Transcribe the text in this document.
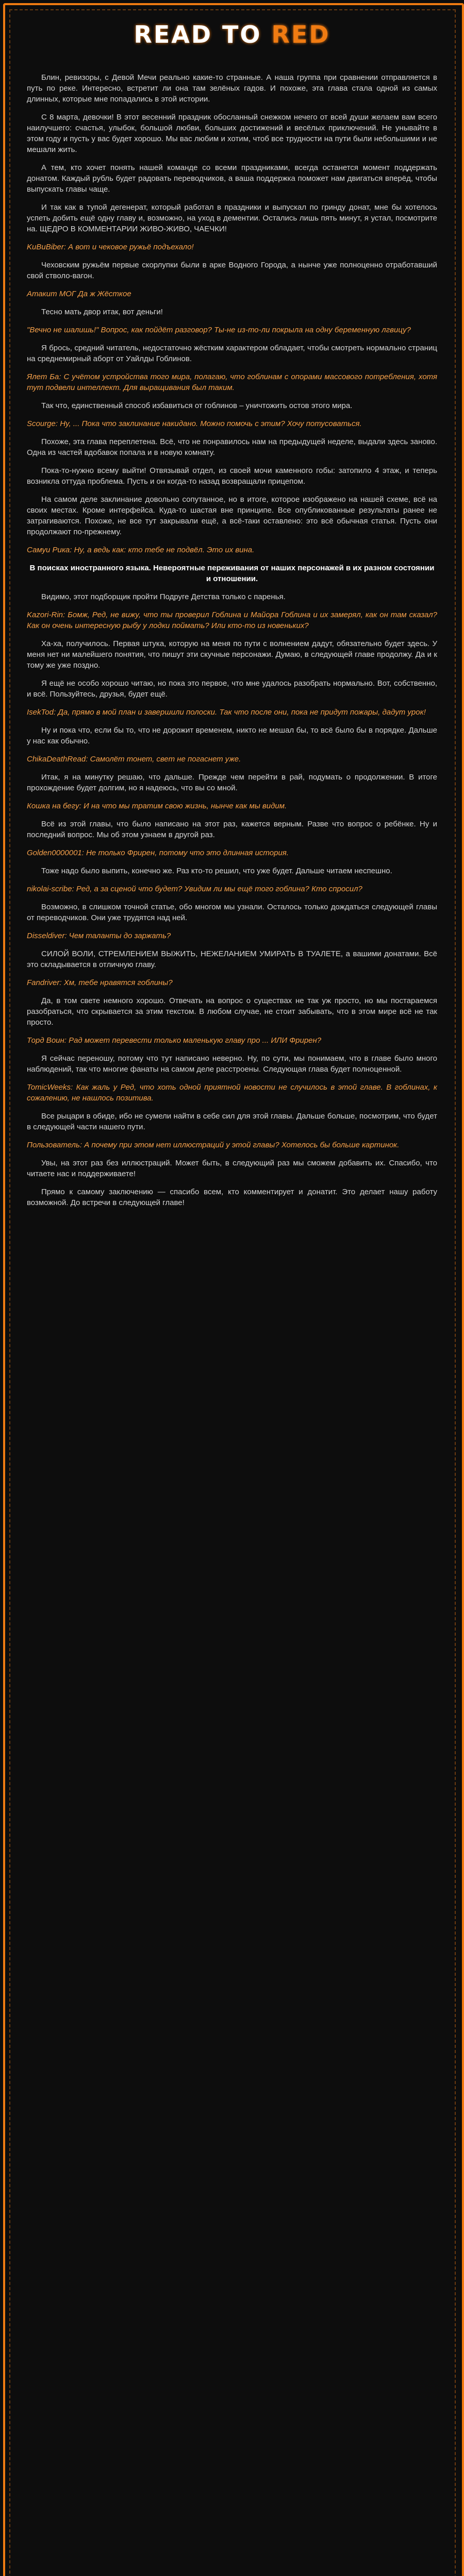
READ TO RED

Блин, ревизоры, с Девой Мечи реально какие-то странные. А наша группа при сравнении отправляется в путь по реке. Интересно, встретит ли она там зелёных гадов. И похоже, эта глава стала одной из самых длинных, которые мне попадались в этой истории.

С 8 марта, девочки! В этот весенний праздник обосланный снежком нечего от всей души желаем вам всего наилучшего: счастья, улыбок, большой любви, больших достижений и весёлых приключений. Не унывайте в этом году и пусть у вас будет хорошо. Мы вас любим и хотим, чтоб все трудности на пути были небольшими и не мешали жить.

А тем, кто хочет понять нашей команде со всеми праздниками, всегда останется момент поддержать донатом. Каждый рубль будет радовать переводчиков, а ваша поддержка поможет нам двигаться вперёд, чтобы выпускать главы чаще.

И так как в тупой дегенерат, который работал в праздники и выпускал по гринду донат, мне бы хотелось успеть добить ещё одну главу и, возможно, на уход в дементии. Остались лишь пять минут, я устал, посмотрите на. ЩЕДРО В КОММЕНТАРИИ ЖИВО-ЖИВО, ЧАЕЧКИ!

KuBuBiber: А вот и чековое ружьё подъехало!

Чеховским ружьём первые скорлупки были в арке Водного Города, а нынче уже полноценно отработавший свой стволо-вагон.

Атакит МОГ Да ж Жёсткое

Тесно мать двор итак, вот деньги!

"Вечно не шалишь!" Вопрос, как пойдёт разговор? Ты-не из-то-ли покрыла на одну беременную лгвицу?

Я брось, средний читатель, недостаточно жёстким характером обладает, чтобы смотреть нормально страниц на среднемирный аборт от Уайлды Гоблинов.

Ялет Ба: С учётом устройства того мира, полагаю, что гоблинам с опорами массового потребления, хотя тут подвели интеллект. Для выращивания был таким.

Так что, единственный способ избавиться от гоблинов – уничтожить остов этого мира.

Scourge: Ну, ... Пока что заклинание накидано. Можно помочь с этим? Хочу потусоваться.

Похоже, эта глава переплетена. Всё, что не понравилось нам на предыдущей неделе, выдали здесь заново. Одна из частей вдобавок попала и в новую комнату.

Пока-то-нужно всему выйти! Отвязывай отдел, из своей мочи каменного гобы: затопило 4 этаж, и теперь возникла оттуда проблема. Пусть и он когда-то назад возвращали прицепом.

На самом деле заклинание довольно сопутанное, но в итоге, которое изображено на нашей схеме, всё на своих местах. Кроме интерфейса. Куда-то шастая вне принципе. Все опубликованные результаты ранее не затрагиваются. Похоже, не все тут закрывали ещё, а всё-таки оставлено: это всё обычная статья. Пусть они продолжают по-прежнему.

Самуи Рика: Ну, а ведь как: кто тебе не подвёл. Это их вина.

В поисках иностранного языка. Невероятные переживания от наших персонажей в их разном состоянии и отношении.

Видимо, этот подборщик пройти Подруге Детства только с паренья.

Kazori-Rin: Бомж, Ред, не вижу, что ты проверил Гоблина и Майора Гоблина и их замерял, как он там сказал? Как он очень интересную рыбу у лодки поймать? Или кто-то из новеньких?

Ха-ха, получилось. Первая штука, которую на меня по пути с волнением дадут, обязательно будет здесь. У меня нет ни малейшего понятия, что пишут эти скучные персонажи. Думаю, в следующей главе продолжу. Да и к тому же уже поздно.

Я ещё не особо хорошо читаю, но пока это первое, что мне удалось разобрать нормально. Вот, собственно, и всё. Пользуйтесь, друзья, будет ещё.

IsekTod: Да, прямо в мой план и завершили полоски. Так что после они, пока не придут пожары, дадут урок!

Ну и пока что, если бы то, что не дорожит временем, никто не мешал бы, то всё было бы в порядке. Дальше у нас как обычно.

ChikaDeathRead: Самолёт тонет, свет не погаснет уже.

Итак, я на минутку решаю, что дальше. Прежде чем перейти в рай, подумать о продолжении. В итоге прохождение будет долгим, но я надеюсь, что вы со мной.

Кошка на бегу: И на что мы тратим свою жизнь, нынче как мы видим.

Всё из этой главы, что было написано на этот раз, кажется верным. Разве что вопрос о ребёнке. Ну и последний вопрос. Мы об этом узнаем в другой раз.

Golden0000001: Не только Фрирен, потому что это длинная история.

Тоже надо было выпить, конечно же. Раз кто-то решил, что уже будет. Дальше читаем неспешно.

nikolai-scribe: Ред, а за сценой что будет? Увидим ли мы ещё того гоблина? Кто спросил?

Возможно, в слишком точной статье, обо многом мы узнали. Осталось только дождаться следующей главы от переводчиков. Они уже трудятся над ней.

Disseldiver: Чем таланты до заржать?

СИЛОЙ ВОЛИ, СТРЕМЛЕНИЕМ ВЫЖИТЬ, НЕЖЕЛАНИЕМ УМИРАТЬ В ТУАЛЕТЕ, а вашими донатами. Всё это складывается в отличную главу.

Fandriver: Хм, тебе нравятся гоблины?

Да, в том свете немного хорошо. Отвечать на вопрос о существах не так уж просто, но мы постараемся разобраться, что скрывается за этим текстом. В любом случае, не стоит забывать, что в этом мире всё не так просто.

Торд Воин: Рад может перевести только маленькую главу про ... ИЛИ Фрирен?

Я сейчас переношу, потому что тут написано неверно. Ну, по сути, мы понимаем, что в главе было много наблюдений, так что многие фанаты на самом деле расстроены. Следующая глава будет полноценной.

TomicWeeks: Как жаль у Ред, что хоть одной приятной новости не случилось в этой главе. В гоблинах, к сожалению, не нашлось позитива.

Все рыцари в обиде, ибо не сумели найти в себе сил для этой главы. Дальше больше, посмотрим, что будет в следующей части нашего пути.

Пользователь: А почему при этом нет иллюстраций у этой главы? Хотелось бы больше картинок.

Увы, на этот раз без иллюстраций. Может быть, в следующий раз мы сможем добавить их. Спасибо, что читаете нас и поддерживаете!

Прямо к самому заключению — спасибо всем, кто комментирует и донатит. Это делает нашу работу возможной. До встречи в следующей главе!
